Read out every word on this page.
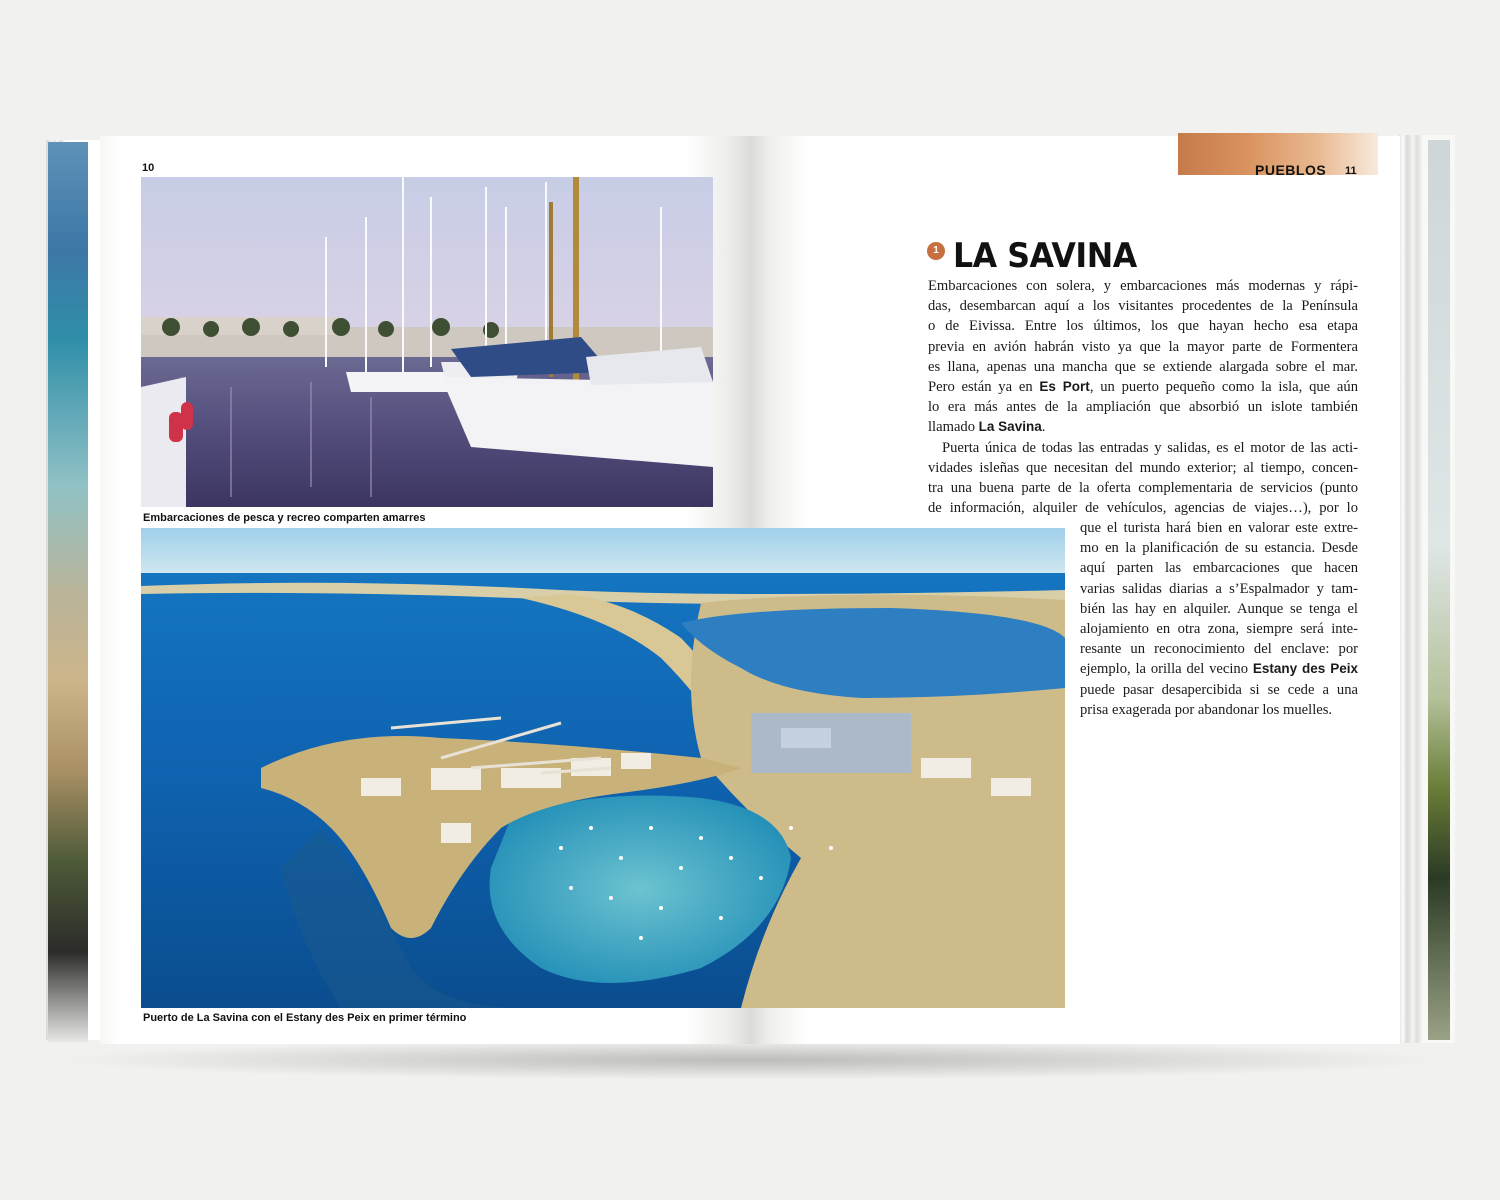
10
Embarcaciones de pesca y recreo comparten amarres
Puerto de La Savina con el Estany des Peix en primer término
PUEBLOS 11
1 LA SAVINA
Embarcaciones con solera, y embarcaciones más modernas y rápi-
das, desembarcan aquí a los visitantes procedentes de la Península
o de Eivissa. Entre los últimos, los que hayan hecho esa etapa
previa en avión habrán visto ya que la mayor parte de Formentera
es llana, apenas una mancha que se extiende alargada sobre el mar.
Pero están ya en Es Port, un puerto pequeño como la isla, que aún
lo era más antes de la ampliación que absorbió un islote también
llamado La Savina.
Puerta única de todas las entradas y salidas, es el motor de las acti-
vidades isleñas que necesitan del mundo exterior; al tiempo, concen-
tra una buena parte de la oferta complementaria de servicios (punto
de información, alquiler de vehículos, agencias de viajes…), por lo
que el turista hará bien en valorar este extre-
mo en la planificación de su estancia. Desde
aquí parten las embarcaciones que hacen
varias salidas diarias a s’Espalmador y tam-
bién las hay en alquiler. Aunque se tenga el
alojamiento en otra zona, siempre será inte-
resante un reconocimiento del enclave: por
ejemplo, la orilla del vecino Estany des Peix
puede pasar desapercibida si se cede a una
prisa exagerada por abandonar los muelles.
